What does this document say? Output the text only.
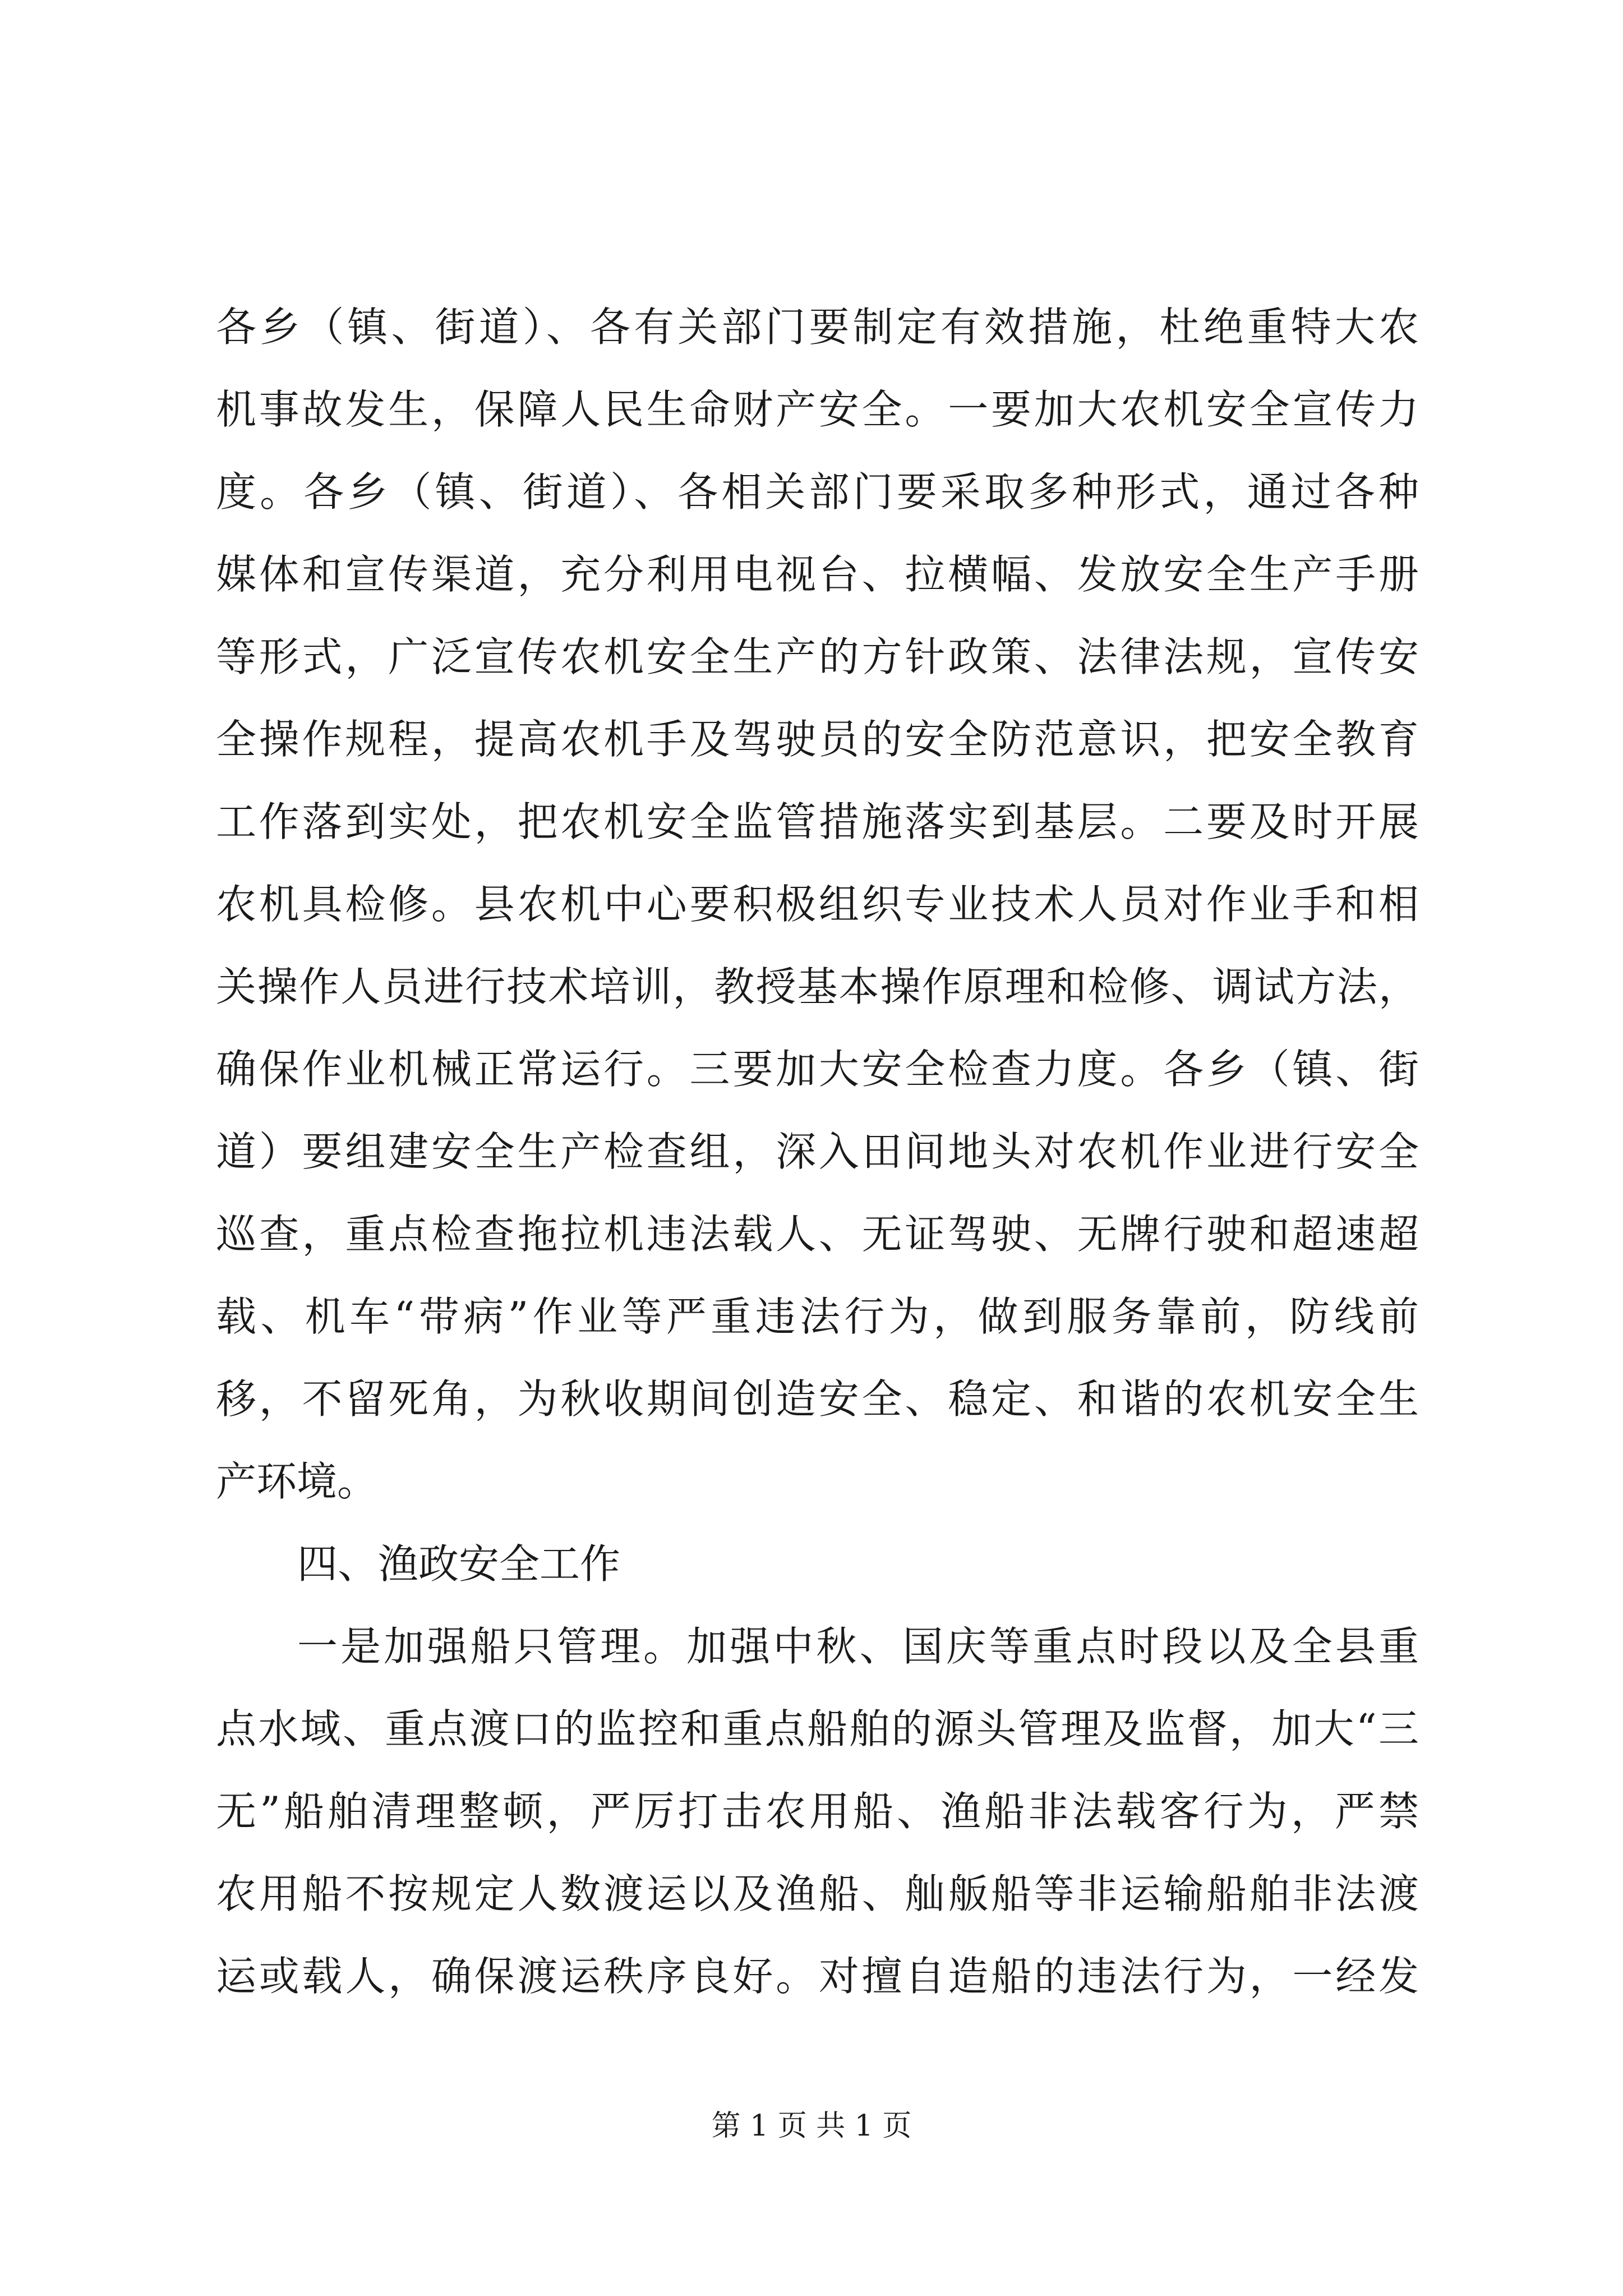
各乡（镇、街道）、各有关部门要制定有效措施，杜绝重特大农
机事故发生，保障人民生命财产安全。一要加大农机安全宣传力
度。各乡（镇、街道）、各相关部门要采取多种形式，通过各种
媒体和宣传渠道，充分利用电视台、拉横幅、发放安全生产手册
等形式，广泛宣传农机安全生产的方针政策、法律法规，宣传安
全操作规程，提高农机手及驾驶员的安全防范意识，把安全教育
工作落到实处，把农机安全监管措施落实到基层。二要及时开展
农机具检修。县农机中心要积极组织专业技术人员对作业手和相
关操作人员进行技术培训，教授基本操作原理和检修、调试方法，
确保作业机械正常运行。三要加大安全检查力度。各乡（镇、街
道）要组建安全生产检查组，深入田间地头对农机作业进行安全
巡查，重点检查拖拉机违法载人、无证驾驶、无牌行驶和超速超
载、机车“带病”作业等严重违法行为，做到服务靠前，防线前
移，不留死角，为秋收期间创造安全、稳定、和谐的农机安全生
产环境。
四、渔政安全工作
一是加强船只管理。加强中秋、国庆等重点时段以及全县重
点水域、重点渡口的监控和重点船舶的源头管理及监督，加大“三
无”船舶清理整顿，严厉打击农用船、渔船非法载客行为，严禁
农用船不按规定人数渡运以及渔船、舢舨船等非运输船舶非法渡
运或载人，确保渡运秩序良好。对擅自造船的违法行为，一经发
第 1 页 共 1 页
